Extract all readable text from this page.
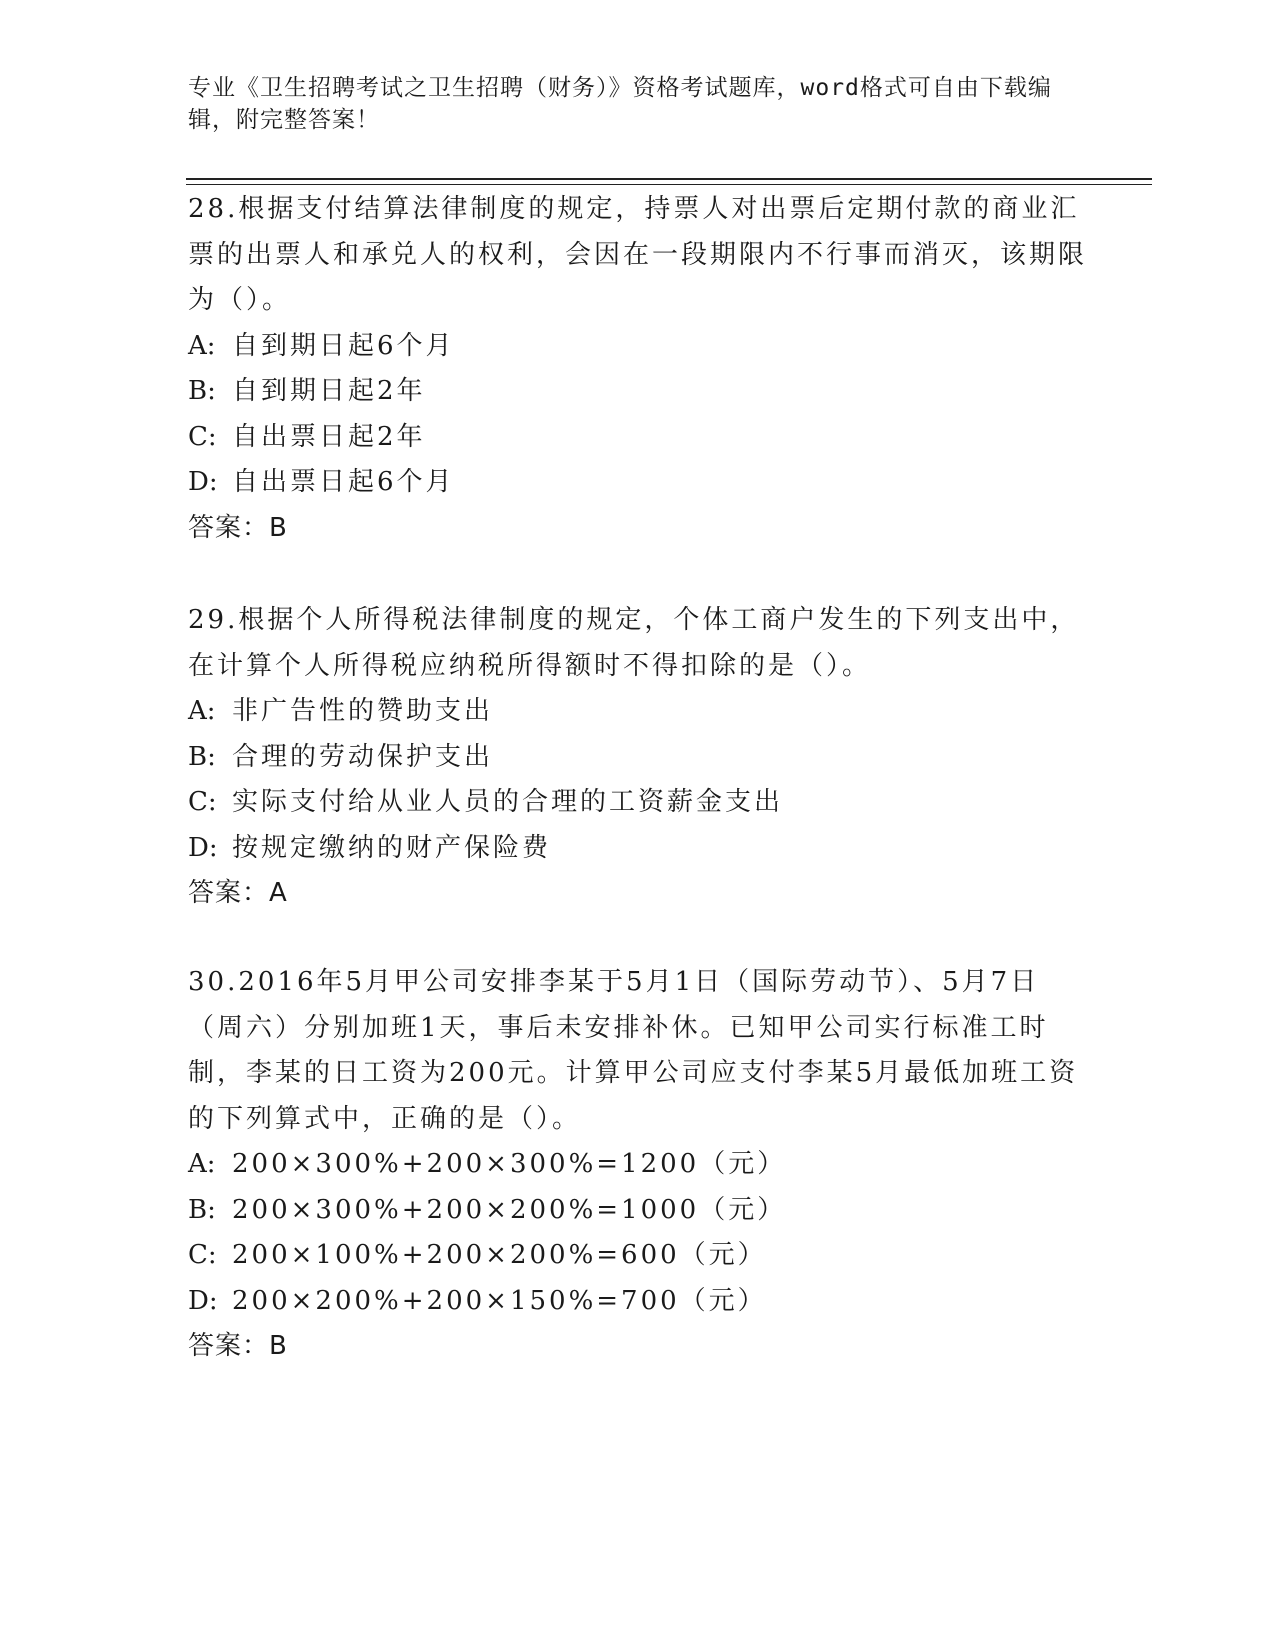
专业《卫生招聘考试之卫生招聘（财务）》资格考试题库，word格式可自由下载编辑，附完整答案！

28.根据支付结算法律制度的规定，持票人对出票后定期付款的商业汇票的出票人和承兑人的权利，会因在一段期限内不行事而消灭，该期限为（）。

A: 自到期日起6个月

B: 自到期日起2年

C: 自出票日起2年

D: 自出票日起6个月

答案：B

29.根据个人所得税法律制度的规定，个体工商户发生的下列支出中，在计算个人所得税应纳税所得额时不得扣除的是（）。

A: 非广告性的赞助支出

B: 合理的劳动保护支出

C: 实际支付给从业人员的合理的工资薪金支出

D: 按规定缴纳的财产保险费

答案：A

30.2016年5月甲公司安排李某于5月1日（国际劳动节）、5月7日（周六）分别加班1天，事后未安排补休。已知甲公司实行标准工时制，李某的日工资为200元。计算甲公司应支付李某5月最低加班工资的下列算式中，正确的是（）。

A: 200×300%+200×300%=1200（元）

B: 200×300%+200×200%=1000（元）

C: 200×100%+200×200%=600（元）

D: 200×200%+200×150%=700（元）

答案：B
